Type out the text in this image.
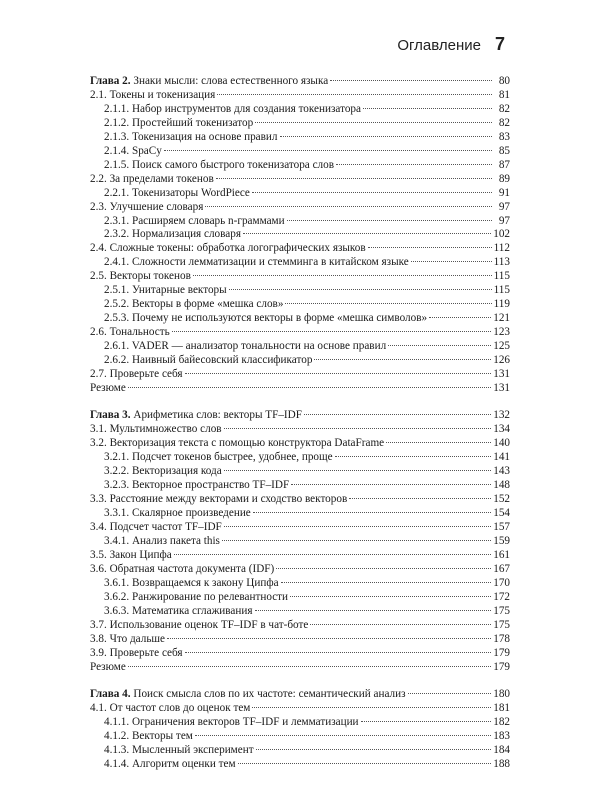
Оглавление 7
Глава 2. Знаки мысли: слова естественного языка	80
2.1. Токены и токенизация	81
2.1.1. Набор инструментов для создания токенизатора	82
2.1.2. Простейший токенизатор	82
2.1.3. Токенизация на основе правил	83
2.1.4. SpaCy	85
2.1.5. Поиск самого быстрого токенизатора слов	87
2.2. За пределами токенов	89
2.2.1. Токенизаторы WordPiece	91
2.3. Улучшение словаря	97
2.3.1. Расширяем словарь n-граммами	97
2.3.2. Нормализация словаря	102
2.4. Сложные токены: обработка логографических языков	112
2.4.1. Сложности лемматизации и стемминга в китайском языке	113
2.5. Векторы токенов	115
2.5.1. Унитарные векторы	115
2.5.2. Векторы в форме «мешка слов»	119
2.5.3. Почему не используются векторы в форме «мешка символов»	121
2.6. Тональность	123
2.6.1. VADER — анализатор тональности на основе правил	125
2.6.2. Наивный байесовский классификатор	126
2.7. Проверьте себя	131
Резюме	131
Глава 3. Арифметика слов: векторы TF–IDF	132
3.1. Мультимножество слов	134
3.2. Векторизация текста с помощью конструктора DataFrame	140
3.2.1. Подсчет токенов быстрее, удобнее, проще	141
3.2.2. Векторизация кода	143
3.2.3. Векторное пространство TF–IDF	148
3.3. Расстояние между векторами и сходство векторов	152
3.3.1. Скалярное произведение	154
3.4. Подсчет частот TF–IDF	157
3.4.1. Анализ пакета this	159
3.5. Закон Ципфа	161
3.6. Обратная частота документа (IDF)	167
3.6.1. Возвращаемся к закону Ципфа	170
3.6.2. Ранжирование по релевантности	172
3.6.3. Математика сглаживания	175
3.7. Использование оценок TF–IDF в чат-боте	175
3.8. Что дальше	178
3.9. Проверьте себя	179
Резюме	179
Глава 4. Поиск смысла слов по их частоте: семантический анализ	180
4.1. От частот слов до оценок тем	181
4.1.1. Ограничения векторов TF–IDF и лемматизации	182
4.1.2. Векторы тем	183
4.1.3. Мысленный эксперимент	184
4.1.4. Алгоритм оценки тем	188
